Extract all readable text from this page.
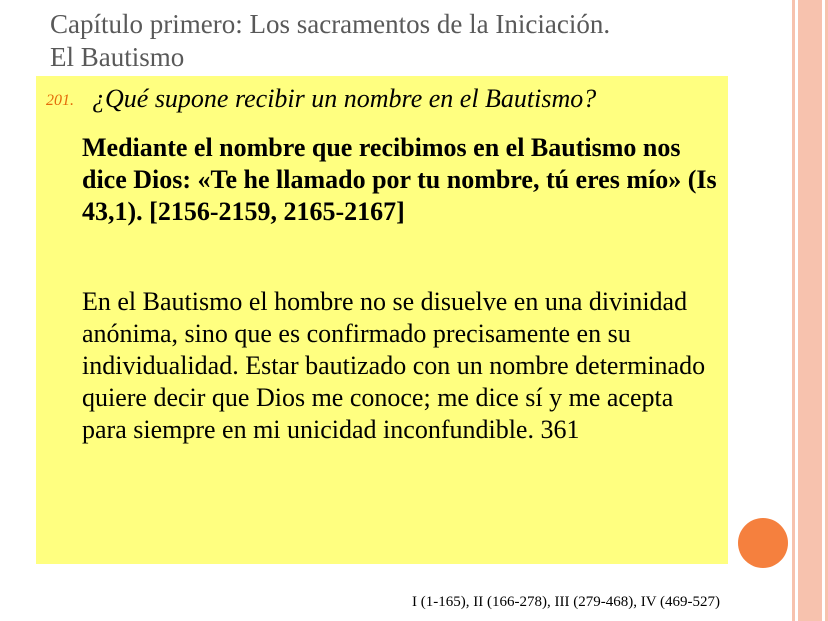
Capítulo primero: Los sacramentos de la Iniciación.
El Bautismo
201. ¿Qué supone recibir un nombre en el Bautismo?

Mediante el nombre que recibimos en el Bautismo nos dice Dios: «Te he llamado por tu nombre, tú eres mío» (Is 43,1). [2156-2159, 2165-2167]

En el Bautismo el hombre no se disuelve en una divinidad anónima, sino que es confirmado precisamente en su individualidad. Estar bautizado con un nombre determinado quiere decir que Dios me conoce; me dice sí y me acepta para siempre en mi unicidad inconfundible. 361

I (1-165), II (166-278), III (279-468), IV (469-527)
